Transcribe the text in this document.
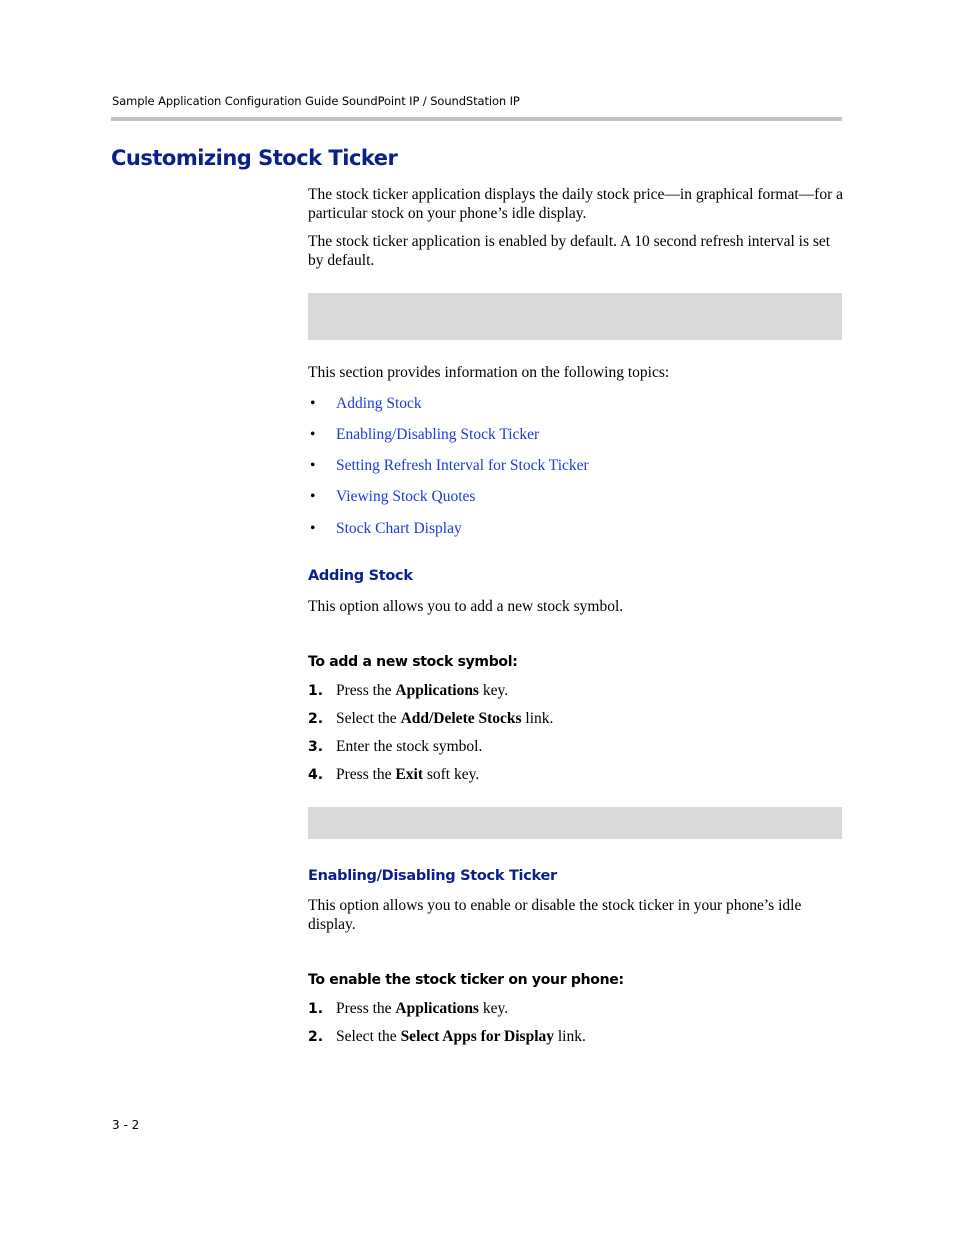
Sample Application Configuration Guide SoundPoint IP / SoundStation IP
Customizing Stock Ticker
The stock ticker application displays the daily stock price—in graphical format—for a particular stock on your phone’s idle display.
The stock ticker application is enabled by default. A 10 second refresh interval is set by default.
This section provides information on the following topics:
• Adding Stock
• Enabling/Disabling Stock Ticker
• Setting Refresh Interval for Stock Ticker
• Viewing Stock Quotes
• Stock Chart Display
Adding Stock
This option allows you to add a new stock symbol.
To add a new stock symbol:
1. Press the Applications key.
2. Select the Add/Delete Stocks link.
3. Enter the stock symbol.
4. Press the Exit soft key.
Enabling/Disabling Stock Ticker
This option allows you to enable or disable the stock ticker in your phone’s idle display.
To enable the stock ticker on your phone:
1. Press the Applications key.
2. Select the Select Apps for Display link.
3 - 2
